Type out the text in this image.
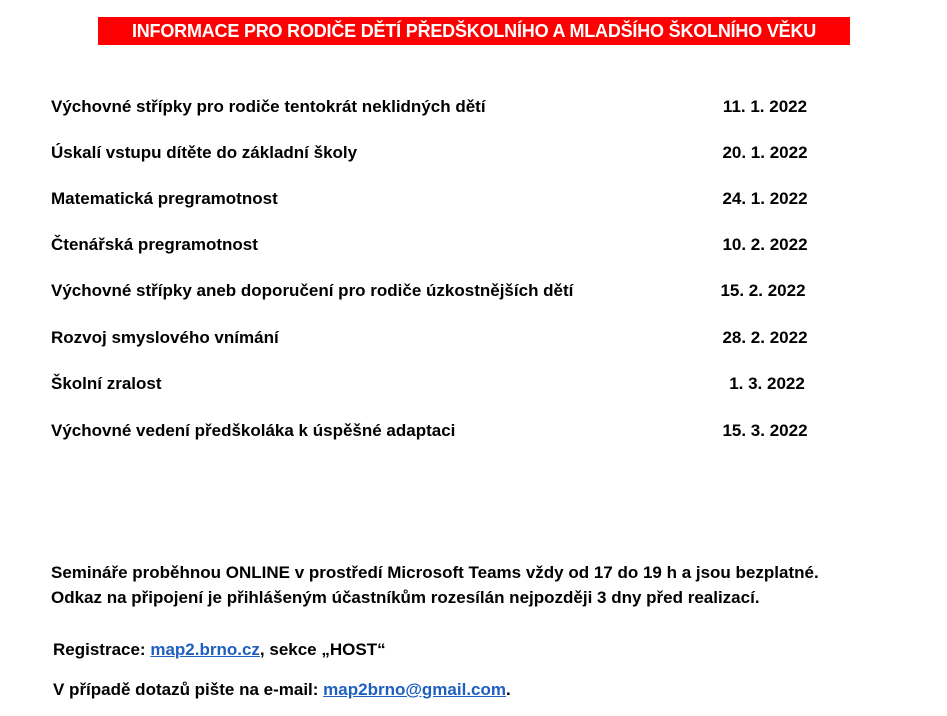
INFORMACE PRO RODIČE DĚTÍ PŘEDŠKOLNÍHO A MLADŠÍHO ŠKOLNÍHO VĚKU
Výchovné střípky pro rodiče tentokrát neklidných dětí	11. 1. 2022
Úskalí vstupu dítěte do základní školy	20. 1. 2022
Matematická pregramotnost	24. 1. 2022
Čtenářská pregramotnost	10. 2. 2022
Výchovné střípky aneb doporučení pro rodiče úzkostnějších dětí	15. 2. 2022
Rozvoj smyslového vnímání	28. 2. 2022
Školní zralost	1. 3. 2022
Výchovné vedení předškoláka k úspěšné adaptaci	15. 3. 2022
Semináře proběhnou ONLINE v prostředí Microsoft Teams vždy od 17 do 19 h a jsou bezplatné.
Odkaz na připojení je přihlášeným účastníkům rozesílán nejpozději 3 dny před realizací.
Registrace: map2.brno.cz, sekce „HOST“
V případě dotazů pište na e-mail: map2brno@gmail.com.
